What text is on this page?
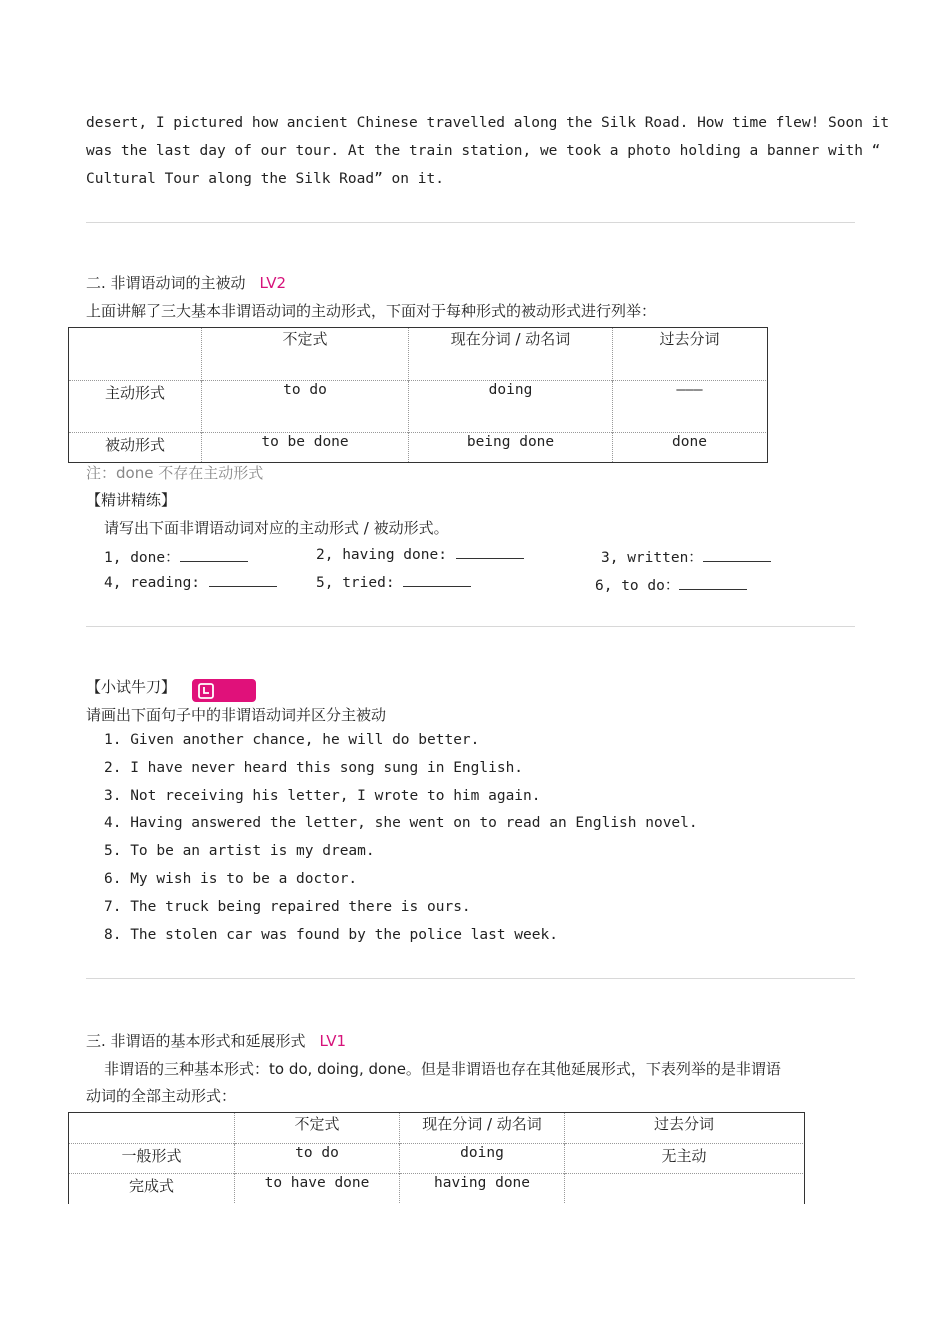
desert, I pictured how ancient Chinese travelled along the Silk Road. How time flew! Soon it
was the last day of our tour. At the train station, we took a photo holding a banner with “
Cultural Tour along the Silk Road” on it.
二. 非谓语动词的主被动 LV2
上面讲解了三大基本非谓语动词的主动形式，下面对于每种形式的被动形式进行列举：
	不定式	现在分词 / 动名词	过去分词
主动形式	to do	doing	———
被动形式	to be done	being done	done
注：done 不存在主动形式
【精讲精练】
请写出下面非谓语动词对应的主动形式 / 被动形式。
1, done：	2, having done:	3, written：
4, reading:	5, tried:	6, to do：
【小试牛刀】
请画出下面句子中的非谓语动词并区分主被动
1. Given another chance, he will do better.
2. I have never heard this song sung in English.
3. Not receiving his letter, I wrote to him again.
4. Having answered the letter, she went on to read an English novel.
5. To be an artist is my dream.
6. My wish is to be a doctor.
7. The truck being repaired there is ours.
8. The stolen car was found by the police last week.
三. 非谓语的基本形式和延展形式 LV1
非谓语的三种基本形式：to do, doing, done。但是非谓语也存在其他延展形式，下表列举的是非谓语
动词的全部主动形式：
	不定式	现在分词 / 动名词	过去分词
一般形式	to do	doing	无主动
完成式	to have done	having done	
